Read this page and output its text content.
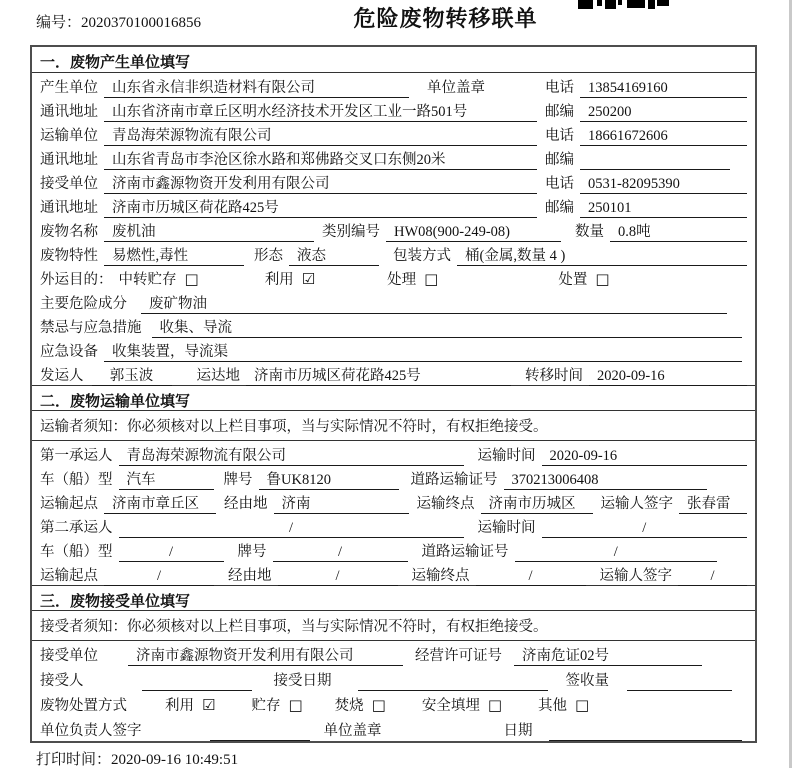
编号：2020370100016856	危险废物转移联单
一．废物产生单位填写
产生单位 山东省永信非织造材料有限公司	单位盖章	电话 13854169160
通讯地址 山东省济南市章丘区明水经济技术开发区工业一路501号	邮编 250200
运输单位 青岛海荣源物流有限公司	电话 18661672606
通讯地址 山东省青岛市李沧区徐水路和郑佛路交叉口东侧20米	邮编
接受单位 济南市鑫源物资开发利用有限公司	电话 0531-82095390
通讯地址 济南市历城区荷花路425号	邮编 250101
废物名称 废机油	类别编号 HW08(900-249-08)	数量 0.8吨
废物特性 易燃性,毒性	形态 液态	包装方式 桶(金属,数量 4 )
外运目的： 中转贮存 □	利用 ☑	处理 □	处置 □
主要危险成分	废矿物油
禁忌与应急措施	收集、导流
应急设备 收集装置，导流渠
发运人	郭玉波	运达地 济南市历城区荷花路425号	转移时间 2020-09-16
二．废物运输单位填写
运输者须知：你必须核对以上栏目事项，当与实际情况不符时，有权拒绝接受。
第一承运人 青岛海荣源物流有限公司	运输时间 2020-09-16
车（船）型 汽车	牌号 鲁UK8120	道路运输证号 370213006408
运输起点 济南市章丘区	经由地 济南	运输终点 济南市历城区	运输人签字 张春雷
第二承运人	/	运输时间	/
车（船）型	/	牌号	/	道路运输证号	/
运输起点	/	经由地	/	运输终点	/	运输人签字	/
三．废物接受单位填写
接受者须知：你必须核对以上栏目事项，当与实际情况不符时，有权拒绝接受。
接受单位	济南市鑫源物资开发利用有限公司	经营许可证号	济南危证02号
接受人	接受日期	签收量
废物处置方式	利用 ☑ 贮存 □ 焚烧 □ 安全填埋 □ 其他 □
单位负责人签字	单位盖章	日期
打印时间：2020-09-16 10:49:51
